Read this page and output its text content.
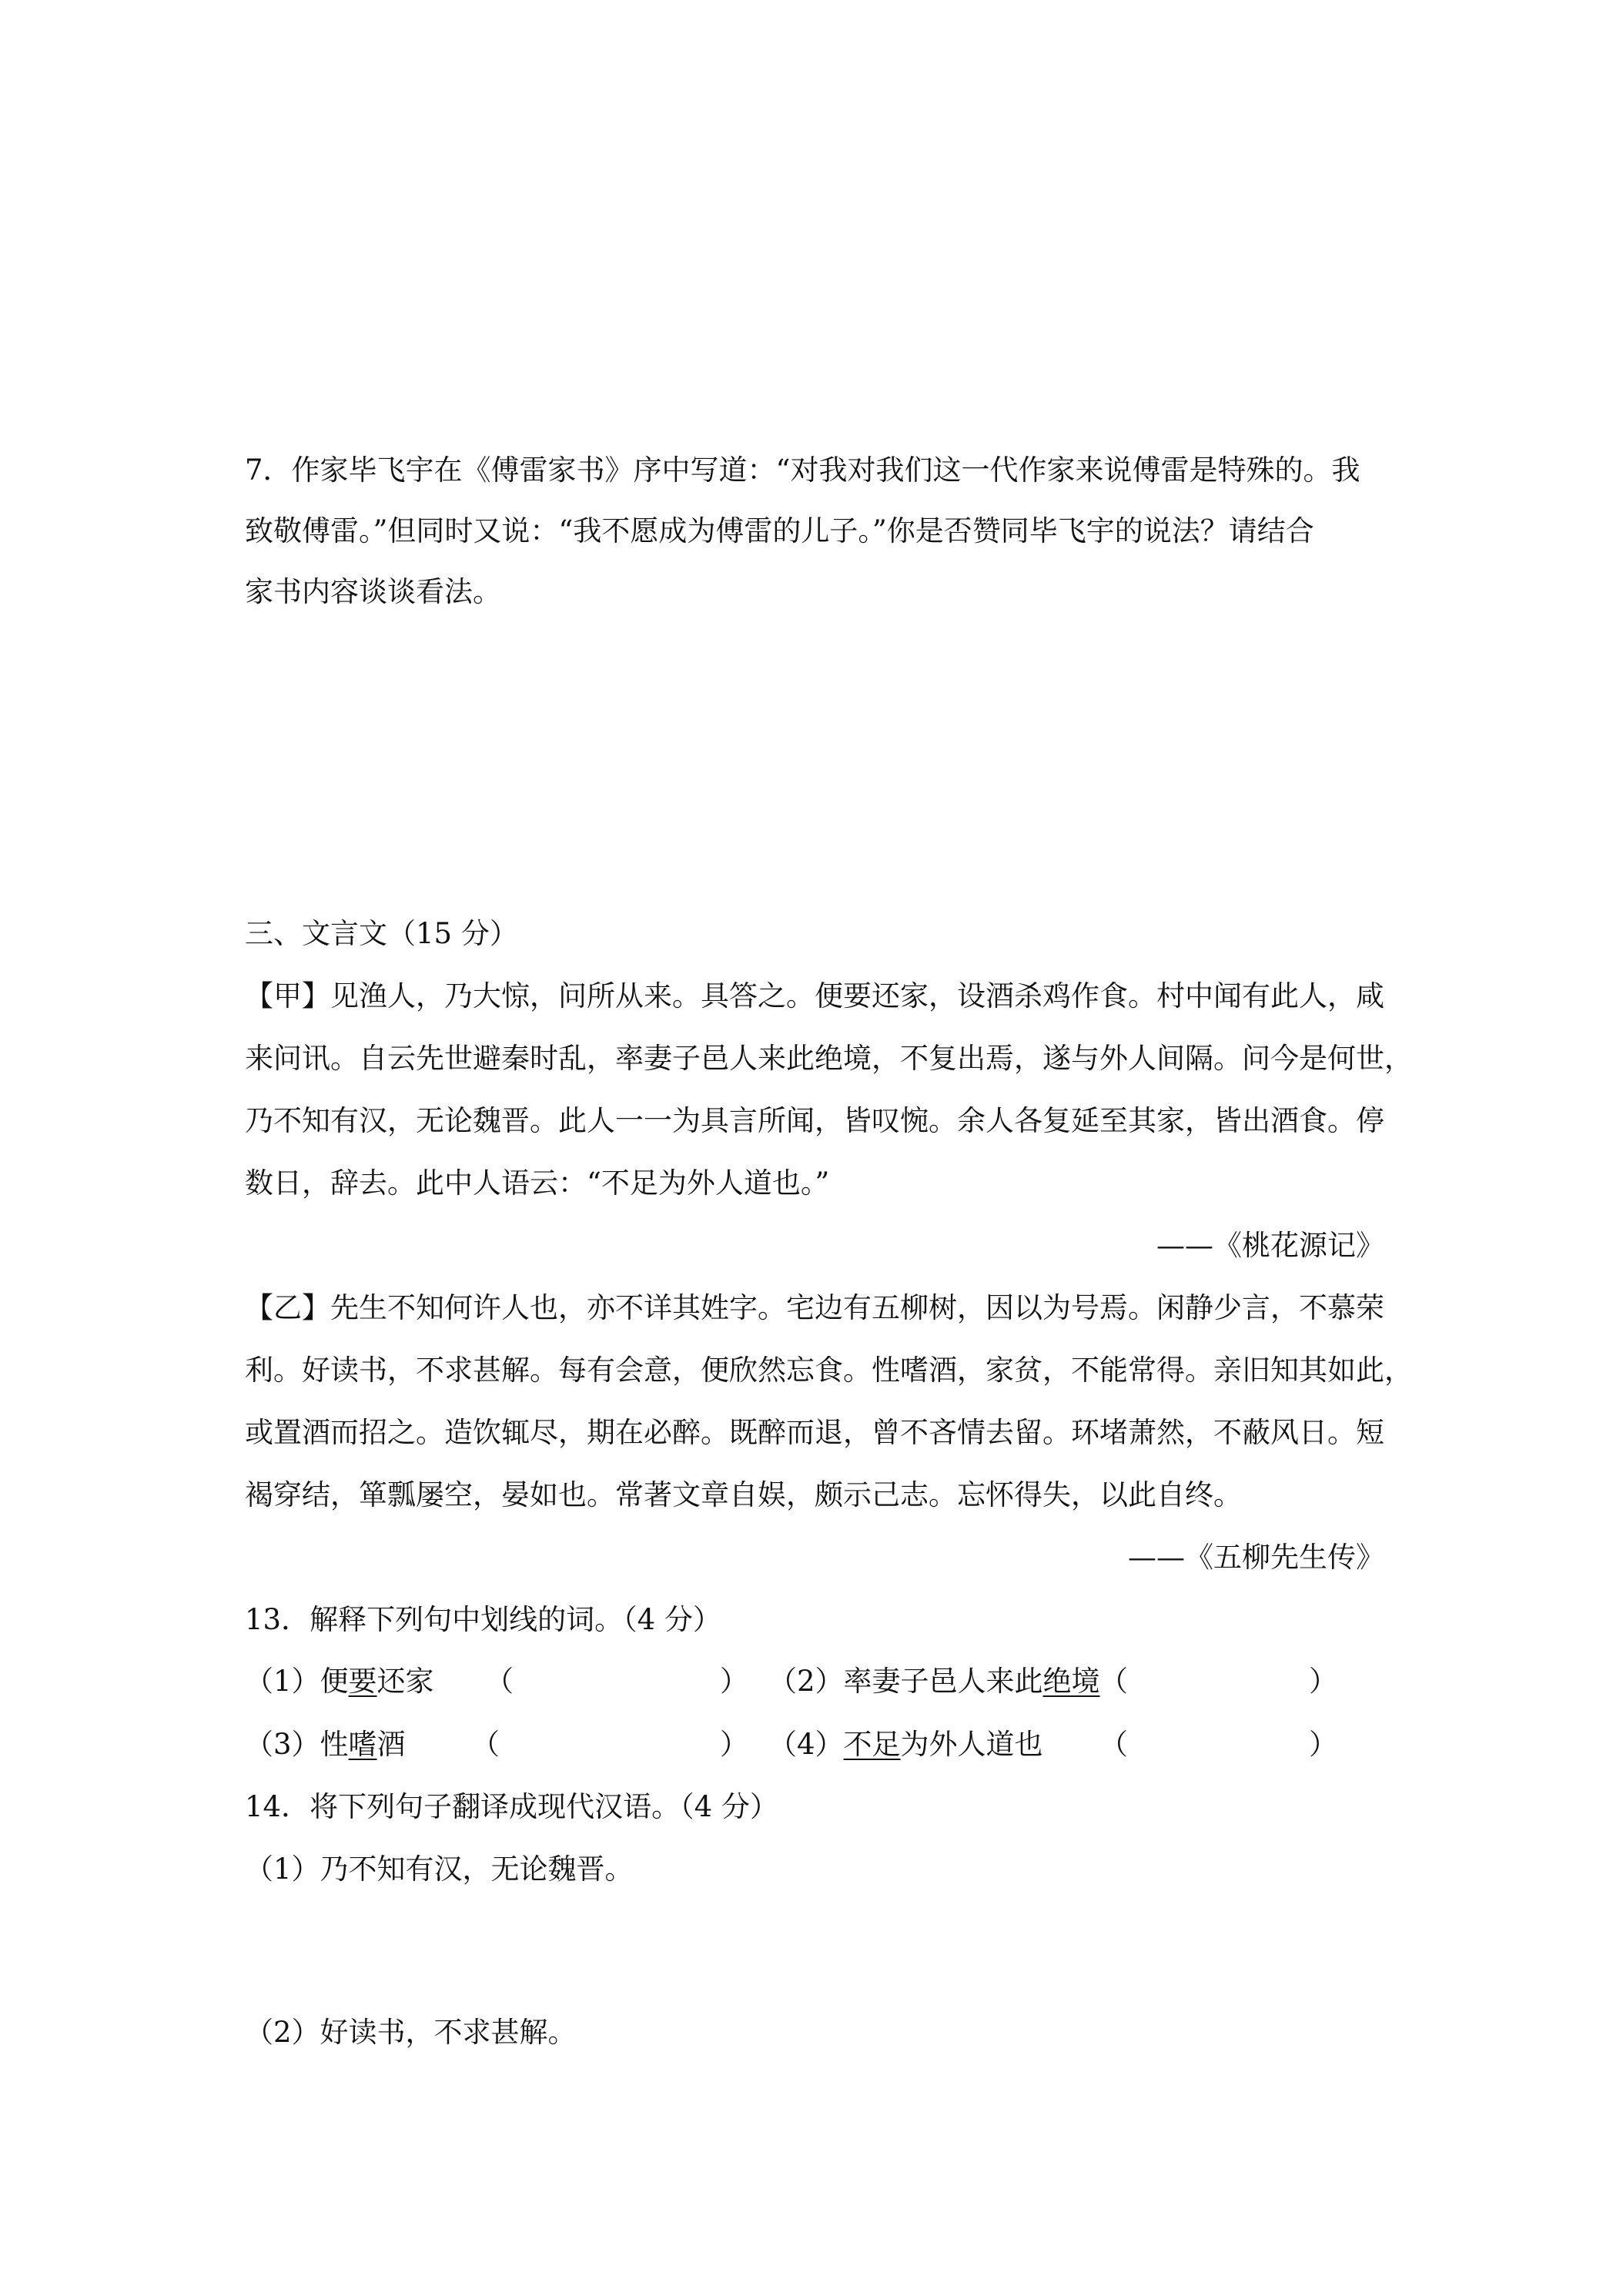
7．作家毕飞宇在《傅雷家书》序中写道：“对我对我们这一代作家来说傅雷是特殊的。我
致敬傅雷。”但同时又说：“我不愿成为傅雷的儿子。”你是否赞同毕飞宇的说法？请结合
家书内容谈谈看法。
三、文言文（15 分）
【甲】见渔人，乃大惊，问所从来。具答之。便要还家，设酒杀鸡作食。村中闻有此人，咸
来问讯。自云先世避秦时乱，率妻子邑人来此绝境，不复出焉，遂与外人间隔。问今是何世，
乃不知有汉，无论魏晋。此人一一为具言所闻，皆叹惋。余人各复延至其家，皆出酒食。停
数日，辞去。此中人语云：“不足为外人道也。”
——《桃花源记》
【乙】先生不知何许人也，亦不详其姓字。宅边有五柳树，因以为号焉。闲静少言，不慕荣
利。好读书，不求甚解。每有会意，便欣然忘食。性嗜酒，家贫，不能常得。亲旧知其如此，
或置酒而招之。造饮辄尽，期在必醉。既醉而退，曾不吝情去留。环堵萧然，不蔽风日。短
褐穿结，箪瓢屡空，晏如也。常著文章自娱，颇示己志。忘怀得失，以此自终。
——《五柳先生传》
13．解释下列句中划线的词。（4 分）
（1）便要还家 （	） （2）率妻子邑人来此绝境 （	）
（3）性嗜酒 （	） （4）不足为外人道也 （	）
14．将下列句子翻译成现代汉语。（4 分）
（1）乃不知有汉，无论魏晋。
（2）好读书，不求甚解。
